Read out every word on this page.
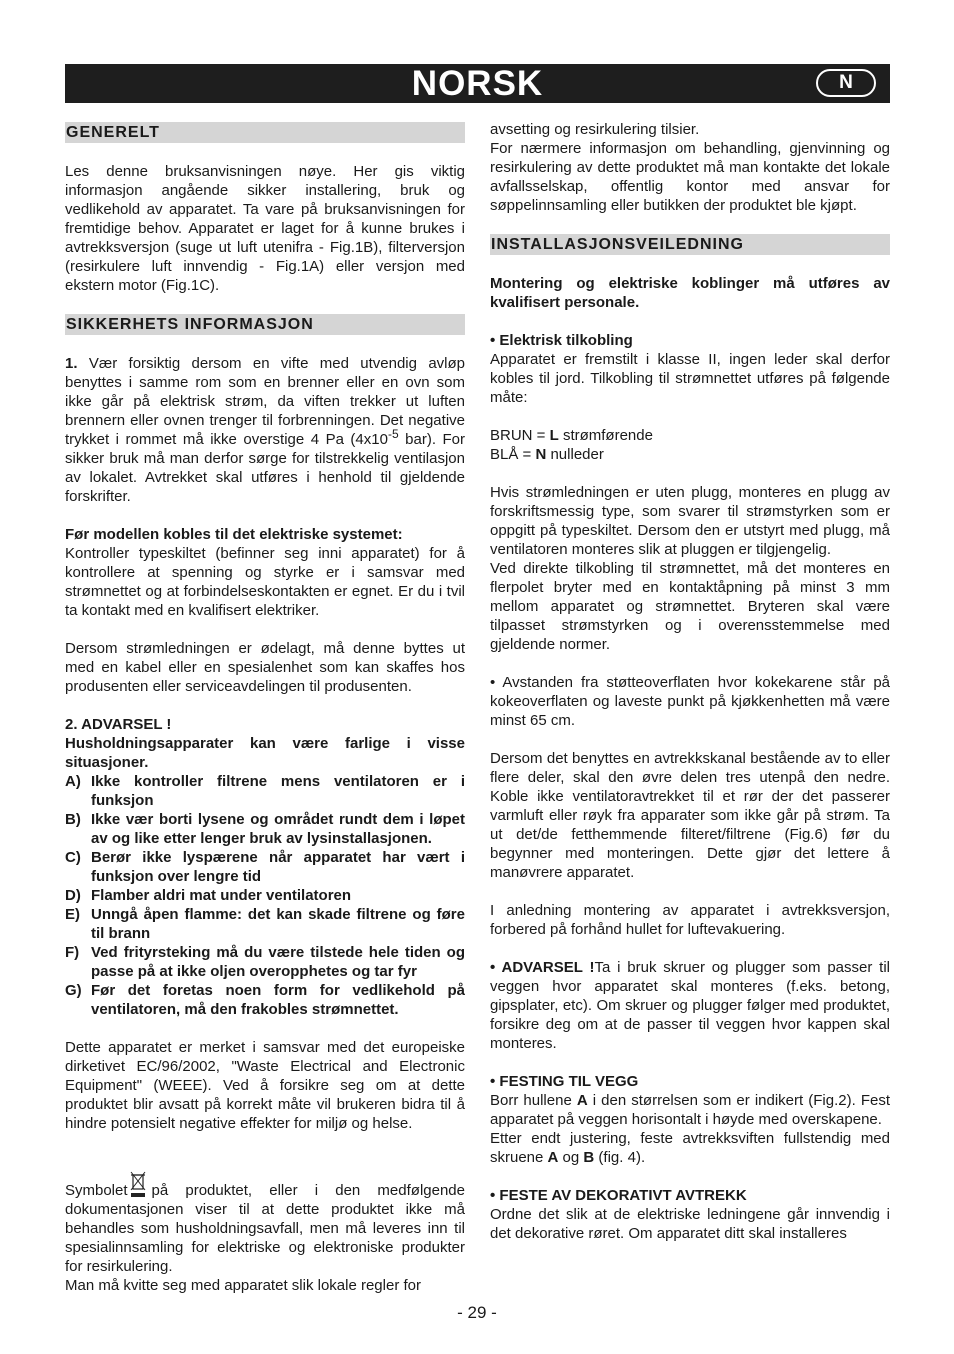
NORSK	N
GENERELT

Les denne bruksanvisningen nøye. Her gis viktig informasjon angående sikker installering, bruk og vedlikehold av apparatet. Ta vare på bruksanvisningen for fremtidige behov. Apparatet er laget for å kunne brukes i avtrekksversjon (suge ut luft utenifra - Fig.1B), filterversjon (resirkulere luft innvendig - Fig.1A) eller versjon med ekstern motor (Fig.1C).

SIKKERHETS INFORMASJON

1. Vær forsiktig dersom en vifte med utvendig avløp benyttes i samme rom som en brenner eller en ovn som ikke går på elektrisk strøm, da viften trekker ut luften brennern eller ovnen trenger til forbrenningen. Det negative trykket i rommet må ikke overstige 4 Pa ($4x10^{-5}$ bar). For sikker bruk må man derfor sørge for tilstrekkelig ventilasjon av lokalet. Avtrekket skal utføres i henhold til gjeldende forskrifter.

Før modellen kobles til det elektriske systemet:

Kontroller typeskiltet (befinner seg inni apparatet) for å kontrollere at spenning og styrke er i samsvar med strømnettet og at forbindelseskontakten er egnet. Er du i tvil ta kontakt med en kvalifisert elektriker.

Dersom strømledningen er ødelagt, må denne byttes ut med en kabel eller en spesialenhet som kan skaffes hos produsenten eller serviceavdelingen til produsenten.

2. ADVARSEL !

Husholdningsapparater kan være farlige i visse situasjoner.

A) Ikke kontroller filtrene mens ventilatoren er i funksjon
B) Ikke vær borti lysene og området rundt dem i løpet av og like etter lenger bruk av lysinstallasjonen.
C) Berør ikke lyspærene når apparatet har vært i funksjon over lengre tid
D) Flamber aldri mat under ventilatoren
E) Unngå åpen flamme: det kan skade filtrene og føre til brann
F) Ved frityrsteking må du være tilstede hele tiden og passe på at ikke oljen overopphetes og tar fyr
G) Før det foretas noen form for vedlikehold på ventilatoren, må den frakobles strømnettet.

Dette apparatet er merket i samsvar med det europeiske dirketivet EC/96/2002, "Waste Electrical and Electronic Equipment" (WEEE). Ved å forsikre seg om at dette produktet blir avsatt på korrekt måte vil brukeren bidra til å hindre potensielt negative effekter for miljø og helse.

Symbolet på produktet, eller i den medfølgende dokumentasjonen viser til at dette produktet ikke må behandles som husholdningsavfall, men må leveres inn til spesialinnsamling for elektriske og elektroniske produkter for resirkulering.

Man må kvitte seg med apparatet slik lokale regler for

avsetting og resirkulering tilsier.

For nærmere informasjon om behandling, gjenvinning og resirkulering av dette produktet må man kontakte det lokale avfallsselskap, offentlig kontor med ansvar for søppelinnsamling eller butikken der produktet ble kjøpt.

INSTALLASJONSVEILEDNING

Montering og elektriske koblinger må utføres av kvalifisert personale.

• Elektrisk tilkobling

Apparatet er fremstilt i klasse II, ingen leder skal derfor kobles til jord. Tilkobling til strømnettet utføres på følgende måte:

BRUN = L strømførende

BLÅ = N nulleder

Hvis strømledningen er uten plugg, monteres en plugg av forskriftsmessig type, som svarer til strømstyrken som er oppgitt på typeskiltet. Dersom den er utstyrt med plugg, må ventilatoren monteres slik at pluggen er tilgjengelig.

Ved direkte tilkobling til strømnettet, må det monteres en flerpolet bryter med en kontaktåpning på minst 3 mm mellom apparatet og strømnettet. Bryteren skal være tilpasset strømstyrken og i overensstemmelse med gjeldende normer.

• Avstanden fra støtteoverflaten hvor kokekarene står på kokeoverflaten og laveste punkt på kjøkkenhetten må være minst 65 cm.

Dersom det benyttes en avtrekkskanal bestående av to eller flere deler, skal den øvre delen tres utenpå den nedre. Koble ikke ventilatoravtrekket til et rør der det passerer varmluft eller røyk fra apparater som ikke går på strøm. Ta ut det/de fetthemmende filteret/filtrene (Fig.6) før du begynner med monteringen. Dette gjør det lettere å manøvrere apparatet.

I anledning montering av apparatet i avtrekksversjon, forbered på forhånd hullet for luftevakuering.

• ADVARSEL !Ta i bruk skruer og plugger som passer til veggen hvor apparatet skal monteres (f.eks. betong, gipsplater, etc). Om skruer og plugger følger med produktet, forsikre deg om at de passer til veggen hvor kappen skal monteres.

• FESTING TIL VEGG

Borr hullene A i den størrelsen som er indikert (Fig.2). Fest apparatet på veggen horisontalt i høyde med overskapene.

Etter endt justering, feste avtrekksviften fullstendig med skruene A og B (fig. 4).

• FESTE AV DEKORATIVT AVTREKK

Ordne det slik at de elektriske ledningene går innvendig i det dekorative røret. Om apparatet ditt skal installeres

- 29 -
